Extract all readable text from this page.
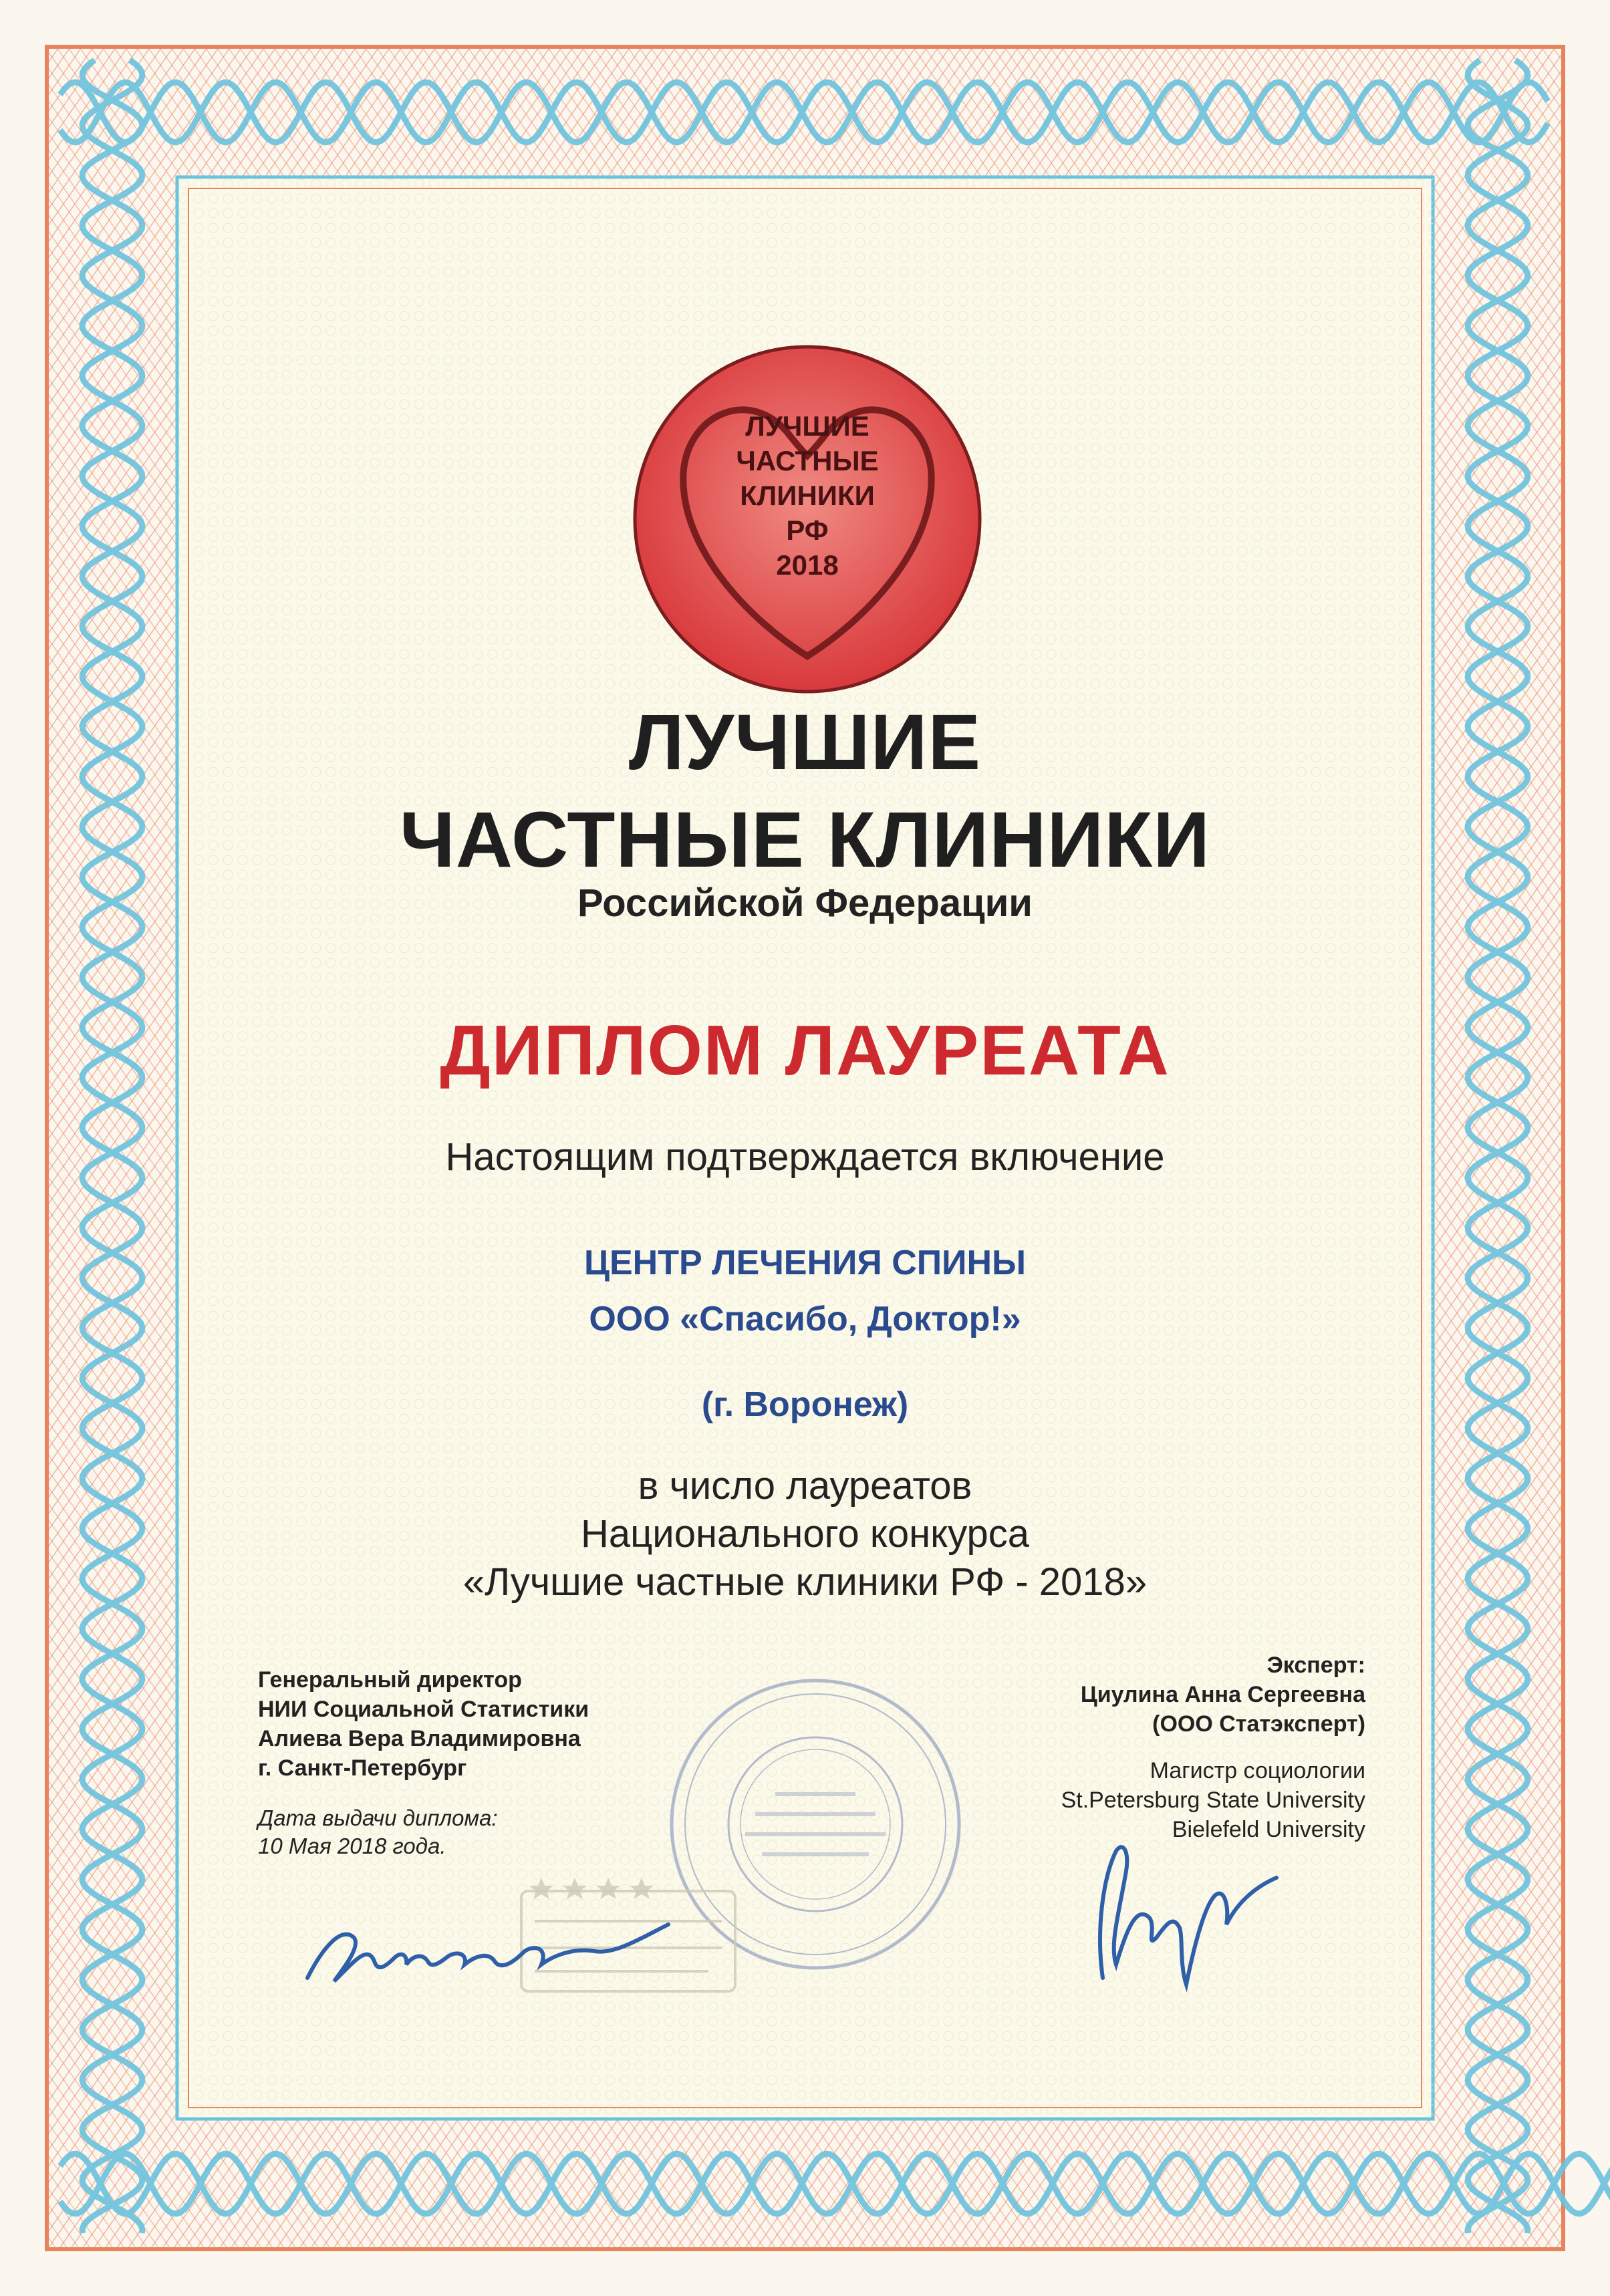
ЛУЧШИЕ
ЧАСТНЫЕ
КЛИНИКИ
РФ
2018
ЛУЧШИЕ
ЧАСТНЫЕ КЛИНИКИ
Российской Федерации
ДИПЛОМ ЛАУРЕАТА
Настоящим подтверждается включение
ЦЕНТР ЛЕЧЕНИЯ СПИНЫ
ООО «Спасибо, Доктор!»
(г. Воронеж)
в число лауреатов
Национального конкурса
«Лучшие частные клиники РФ - 2018»
Генеральный директор
НИИ Социальной Статистики
Алиева Вера Владимировна
г. Санкт-Петербург
Дата выдачи диплома:
10 Мая 2018 года.
Эксперт:
Циулина Анна Сергеевна
(ООО Статэксперт)
Магистр социологии
St.Petersburg State University
Bielefeld University
